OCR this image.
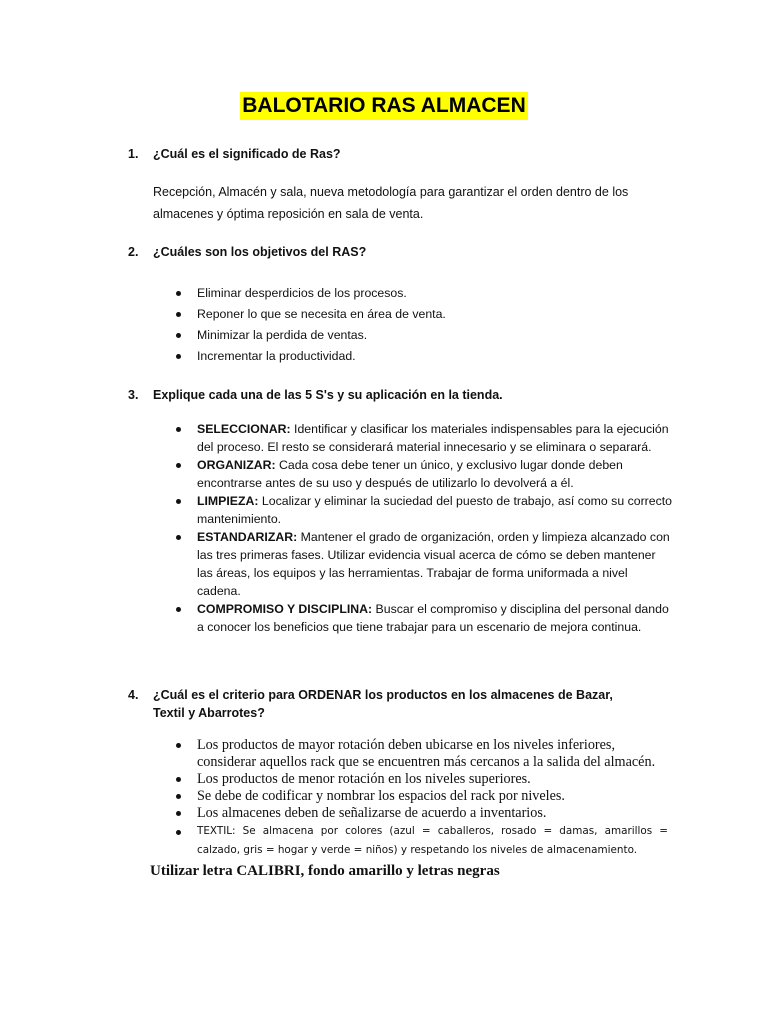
BALOTARIO RAS ALMACEN
1. ¿Cuál es el significado de Ras?
Recepción, Almacén y sala, nueva metodología para garantizar el orden dentro de los almacenes y óptima reposición en sala de venta.
2. ¿Cuáles son los objetivos del RAS?
Eliminar desperdicios de los procesos.
Reponer lo que se necesita en área de venta.
Minimizar la perdida de ventas.
Incrementar la productividad.
3. Explique cada una de las 5 S's y su aplicación en la tienda.
SELECCIONAR: Identificar y clasificar los materiales indispensables para la ejecución del proceso. El resto se considerará material innecesario y se eliminara o separará.
ORGANIZAR: Cada cosa debe tener un único, y exclusivo lugar donde deben encontrarse antes de su uso y después de utilizarlo lo devolverá a él.
LIMPIEZA: Localizar y eliminar la suciedad del puesto de trabajo, así como su correcto mantenimiento.
ESTANDARIZAR: Mantener el grado de organización, orden y limpieza alcanzado con las tres primeras fases. Utilizar evidencia visual acerca de cómo se deben mantener las áreas, los equipos y las herramientas. Trabajar de forma uniformada a nivel cadena.
COMPROMISO Y DISCIPLINA: Buscar el compromiso y disciplina del personal dando a conocer los beneficios que tiene trabajar para un escenario de mejora continua.
4. ¿Cuál es el criterio para ORDENAR los productos en los almacenes de Bazar, Textil y Abarrotes?
Los productos de mayor rotación deben ubicarse en los niveles inferiores, considerar aquellos rack que se encuentren más cercanos a la salida del almacén.
Los productos de menor rotación en los niveles superiores.
Se debe de codificar y nombrar los espacios del rack por niveles.
Los almacenes deben de señalizarse de acuerdo a inventarios.
TEXTIL: Se almacena por colores (azul = caballeros, rosado = damas, amarillos = calzado, gris = hogar y verde = niños) y respetando los niveles de almacenamiento.
Utilizar letra CALIBRI, fondo amarillo y letras negras
